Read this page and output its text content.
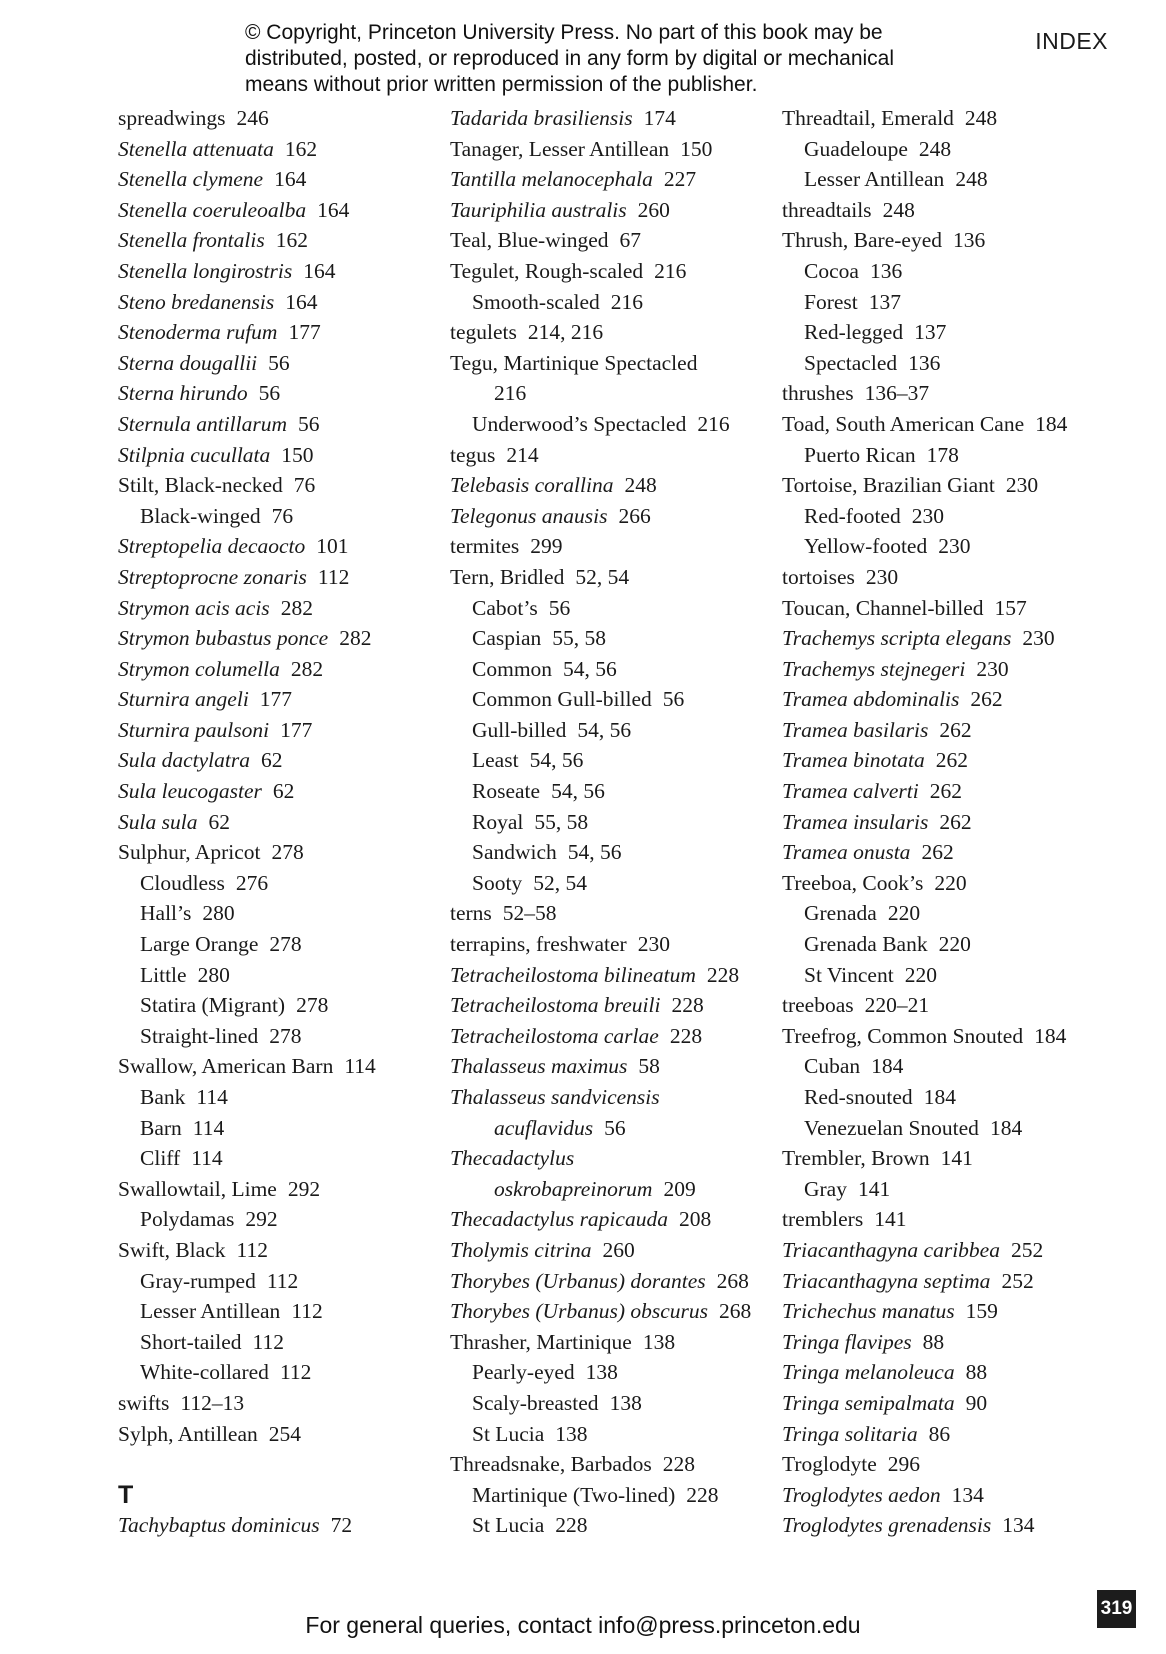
© Copyright, Princeton University Press. No part of this book may be distributed, posted, or reproduced in any form by digital or mechanical means without prior written permission of the publisher.
INDEX
spreadwings 246
Stenella attenuata 162
Stenella clymene 164
Stenella coeruleoalba 164
Stenella frontalis 162
Stenella longirostris 164
Steno bredanensis 164
Stenoderma rufum 177
Sterna dougallii 56
Sterna hirundo 56
Sternula antillarum 56
Stilpnia cucullata 150
Stilt, Black-necked 76
Black-winged 76
Streptopelia decaocto 101
Streptoprocne zonaris 112
Strymon acis acis 282
Strymon bubastus ponce 282
Strymon columella 282
Sturnira angeli 177
Sturnira paulsoni 177
Sula dactylatra 62
Sula leucogaster 62
Sula sula 62
Sulphur, Apricot 278
Cloudless 276
Hall’s 280
Large Orange 278
Little 280
Statira (Migrant) 278
Straight-lined 278
Swallow, American Barn 114
Bank 114
Barn 114
Cliff 114
Swallowtail, Lime 292
Polydamas 292
Swift, Black 112
Gray-rumped 112
Lesser Antillean 112
Short-tailed 112
White-collared 112
swifts 112–13
Sylph, Antillean 254
T
Tachybaptus dominicus 72
Tadarida brasiliensis 174
Tanager, Lesser Antillean 150
Tantilla melanocephala 227
Tauriphilia australis 260
Teal, Blue-winged 67
Tegulet, Rough-scaled 216
Smooth-scaled 216
tegulets 214, 216
Tegu, Martinique Spectacled
216
Underwood’s Spectacled 216
tegus 214
Telebasis corallina 248
Telegonus anausis 266
termites 299
Tern, Bridled 52, 54
Cabot’s 56
Caspian 55, 58
Common 54, 56
Common Gull-billed 56
Gull-billed 54, 56
Least 54, 56
Roseate 54, 56
Royal 55, 58
Sandwich 54, 56
Sooty 52, 54
terns 52–58
terrapins, freshwater 230
Tetracheilostoma bilineatum 228
Tetracheilostoma breuili 228
Tetracheilostoma carlae 228
Thalasseus maximus 58
Thalasseus sandvicensis
acuflavidus 56
Thecadactylus
oskrobapreinorum 209
Thecadactylus rapicauda 208
Tholymis citrina 260
Thorybes (Urbanus) dorantes 268
Thorybes (Urbanus) obscurus 268
Thrasher, Martinique 138
Pearly-eyed 138
Scaly-breasted 138
St Lucia 138
Threadsnake, Barbados 228
Martinique (Two-lined) 228
St Lucia 228
Threadtail, Emerald 248
Guadeloupe 248
Lesser Antillean 248
threadtails 248
Thrush, Bare-eyed 136
Cocoa 136
Forest 137
Red-legged 137
Spectacled 136
thrushes 136–37
Toad, South American Cane 184
Puerto Rican 178
Tortoise, Brazilian Giant 230
Red-footed 230
Yellow-footed 230
tortoises 230
Toucan, Channel-billed 157
Trachemys scripta elegans 230
Trachemys stejnegeri 230
Tramea abdominalis 262
Tramea basilaris 262
Tramea binotata 262
Tramea calverti 262
Tramea insularis 262
Tramea onusta 262
Treeboa, Cook’s 220
Grenada 220
Grenada Bank 220
St Vincent 220
treeboas 220–21
Treefrog, Common Snouted 184
Cuban 184
Red-snouted 184
Venezuelan Snouted 184
Trembler, Brown 141
Gray 141
tremblers 141
Triacanthagyna caribbea 252
Triacanthagyna septima 252
Trichechus manatus 159
Tringa flavipes 88
Tringa melanoleuca 88
Tringa semipalmata 90
Tringa solitaria 86
Troglodyte 296
Troglodytes aedon 134
Troglodytes grenadensis 134
319
For general queries, contact info@press.princeton.edu
